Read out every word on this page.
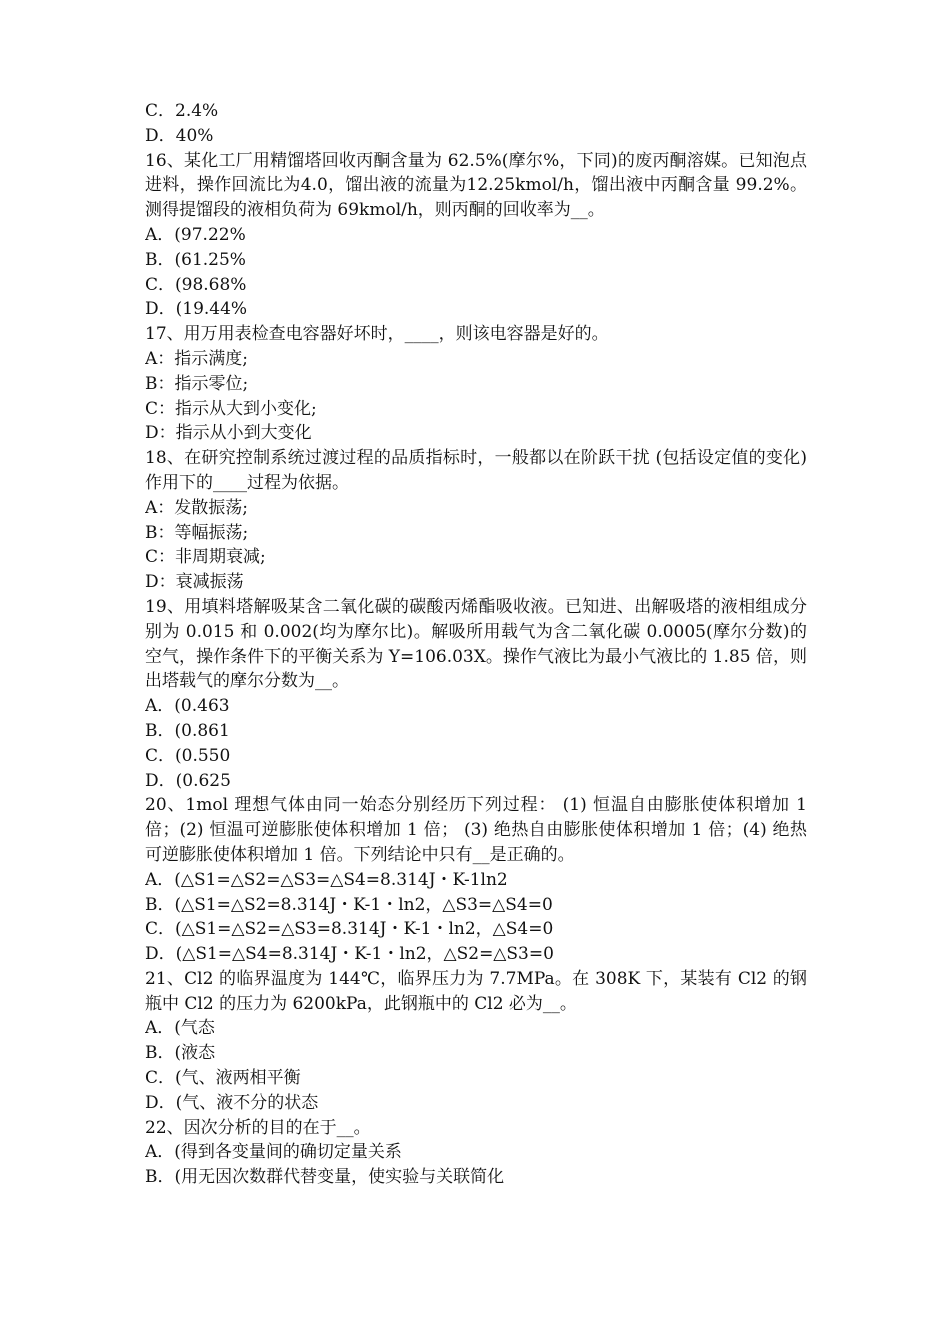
C．2.4%
D．40%
16、某化工厂用精馏塔回收丙酮含量为 62.5%(摩尔%，下同)的废丙酮溶媒。已知泡点进料，操作回流比为4.0，馏出液的流量为12.25kmol/h，馏出液中丙酮含量 99.2%。测得提馏段的液相负荷为 69kmol/h，则丙酮的回收率为__。
A．(97.22%
B．(61.25%
C．(98.68%
D．(19.44%
17、用万用表检查电容器好坏时，____，则该电容器是好的。
A：指示满度;
B：指示零位;
C：指示从大到小变化;
D：指示从小到大变化
18、在研究控制系统过渡过程的品质指标时，一般都以在阶跃干扰 (包括设定值的变化)作用下的____过程为依据。
A：发散振荡;
B：等幅振荡;
C：非周期衰减;
D：衰减振荡
19、用填料塔解吸某含二氧化碳的碳酸丙烯酯吸收液。已知进、出解吸塔的液相组成分别为 0.015 和 0.002(均为摩尔比)。解吸所用载气为含二氧化碳 0.0005(摩尔分数)的空气，操作条件下的平衡关系为 Y=106.03X。操作气液比为最小气液比的 1.85 倍，则出塔载气的摩尔分数为__。
A．(0.463
B．(0.861
C．(0.550
D．(0.625
20、1mol 理想气体由同一始态分别经历下列过程： (1) 恒温自由膨胀使体积增加 1 倍；(2) 恒温可逆膨胀使体积增加 1 倍； (3) 绝热自由膨胀使体积增加 1 倍；(4) 绝热可逆膨胀使体积增加 1 倍。下列结论中只有__是正确的。
A．(△S1=△S2=△S3=△S4=8.314J・K-1ln2
B．(△S1=△S2=8.314J・K-1・ln2，△S3=△S4=0
C．(△S1=△S2=△S3=8.314J・K-1・ln2，△S4=0
D．(△S1=△S4=8.314J・K-1・ln2，△S2=△S3=0
21、Cl2 的临界温度为 144℃，临界压力为 7.7MPa。在 308K 下，某装有 Cl2 的钢瓶中 Cl2 的压力为 6200kPa，此钢瓶中的 Cl2 必为__。
A．(气态
B．(液态
C．(气、液两相平衡
D．(气、液不分的状态
22、因次分析的目的在于__。
A．(得到各变量间的确切定量关系
B．(用无因次数群代替变量，使实验与关联简化
